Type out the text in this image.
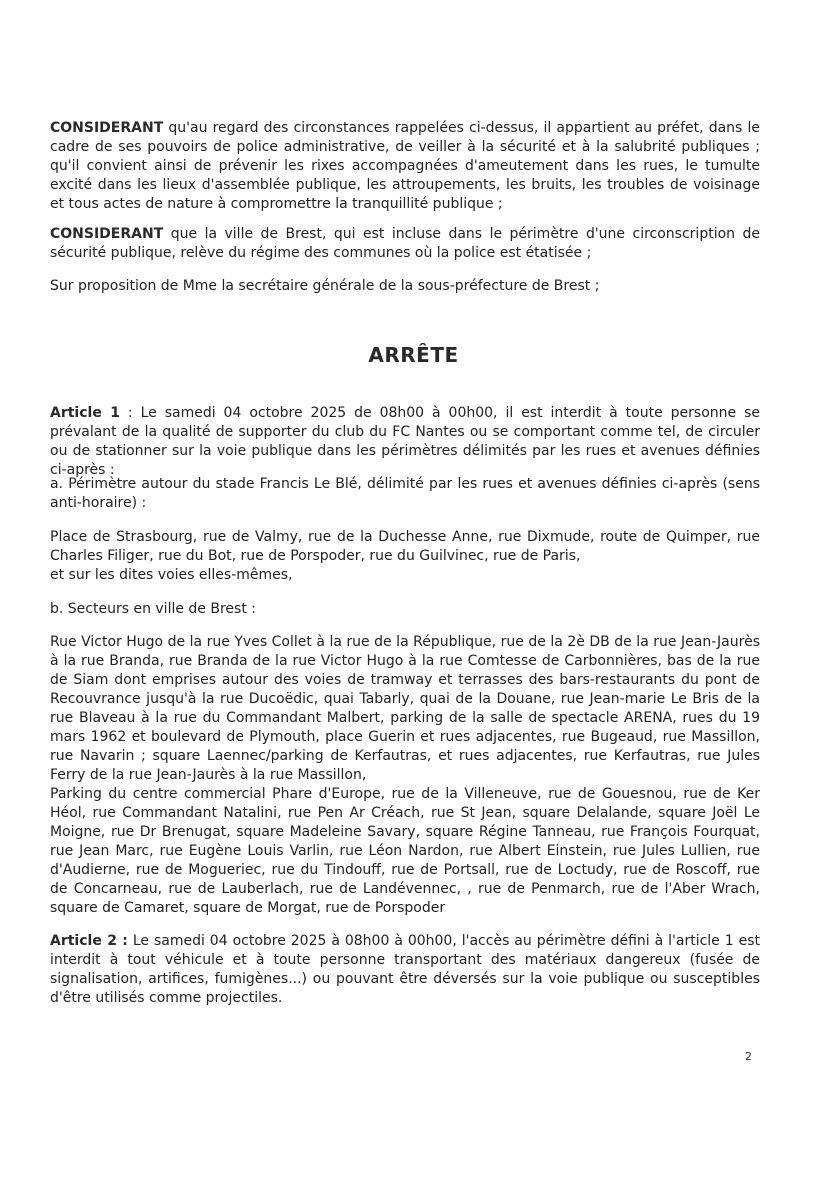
CONSIDERANT qu'au regard des circonstances rappelées ci-dessus, il appartient au préfet, dans le cadre de ses pouvoirs de police administrative, de veiller à la sécurité et à la salubrité publiques ; qu'il convient ainsi de prévenir les rixes accompagnées d'ameutement dans les rues, le tumulte excité dans les lieux d'assemblée publique, les attroupements, les bruits, les troubles de voisinage et tous actes de nature à compromettre la tranquillité publique ;

CONSIDERANT que la ville de Brest, qui est incluse dans le périmètre d'une circonscription de sécurité publique, relève du régime des communes où la police est étatisée ;

Sur proposition de Mme la secrétaire générale de la sous-préfecture de Brest ;

ARRÊTE

Article 1 : Le samedi 04 octobre 2025 de 08h00 à 00h00, il est interdit à toute personne se prévalant de la qualité de supporter du club du FC Nantes ou se comportant comme tel, de circuler ou de stationner sur la voie publique dans les périmètres délimités par les rues et avenues définies ci-après :

a. Périmètre autour du stade Francis Le Blé, délimité par les rues et avenues définies ci-après (sens anti-horaire) :

Place de Strasbourg, rue de Valmy, rue de la Duchesse Anne, rue Dixmude, route de Quimper, rue Charles Filiger, rue du Bot, rue de Porspoder, rue du Guilvinec, rue de Paris,
et sur les dites voies elles-mêmes,

b. Secteurs en ville de Brest :

Rue Victor Hugo de la rue Yves Collet à la rue de la République, rue de la 2è DB de la rue Jean-Jaurès à la rue Branda, rue Branda de la rue Victor Hugo à la rue Comtesse de Carbonnières, bas de la rue de Siam dont emprises autour des voies de tramway et terrasses des bars-restaurants du pont de Recouvrance jusqu'à la rue Ducoëdic, quai Tabarly, quai de la Douane, rue Jean-marie Le Bris de la rue Blaveau à la rue du Commandant Malbert, parking de la salle de spectacle ARENA, rues du 19 mars 1962 et boulevard de Plymouth, place Guerin et rues adjacentes, rue Bugeaud, rue Massillon, rue Navarin ; square Laennec/parking de Kerfautras, et rues adjacentes, rue Kerfautras, rue Jules Ferry de la rue Jean-Jaurès à la rue Massillon,
Parking du centre commercial Phare d'Europe, rue de la Villeneuve, rue de Gouesnou, rue de Ker Héol, rue Commandant Natalini, rue Pen Ar Créach, rue St Jean, square Delalande, square Joël Le Moigne, rue Dr Brenugat, square Madeleine Savary, square Régine Tanneau, rue François Fourquat, rue Jean Marc, rue Eugène Louis Varlin, rue Léon Nardon, rue Albert Einstein, rue Jules Lullien, rue d'Audierne, rue de Mogueriec, rue du Tindouff, rue de Portsall, rue de Loctudy, rue de Roscoff, rue de Concarneau, rue de Lauberlach, rue de Landévennec, , rue de Penmarch, rue de l'Aber Wrach, square de Camaret, square de Morgat, rue de Porspoder

Article 2 : Le samedi 04 octobre 2025 à 08h00 à 00h00, l'accès au périmètre défini à l'article 1 est interdit à tout véhicule et à toute personne transportant des matériaux dangereux (fusée de signalisation, artifices, fumigènes...) ou pouvant être déversés sur la voie publique ou susceptibles d'être utilisés comme projectiles.

2
